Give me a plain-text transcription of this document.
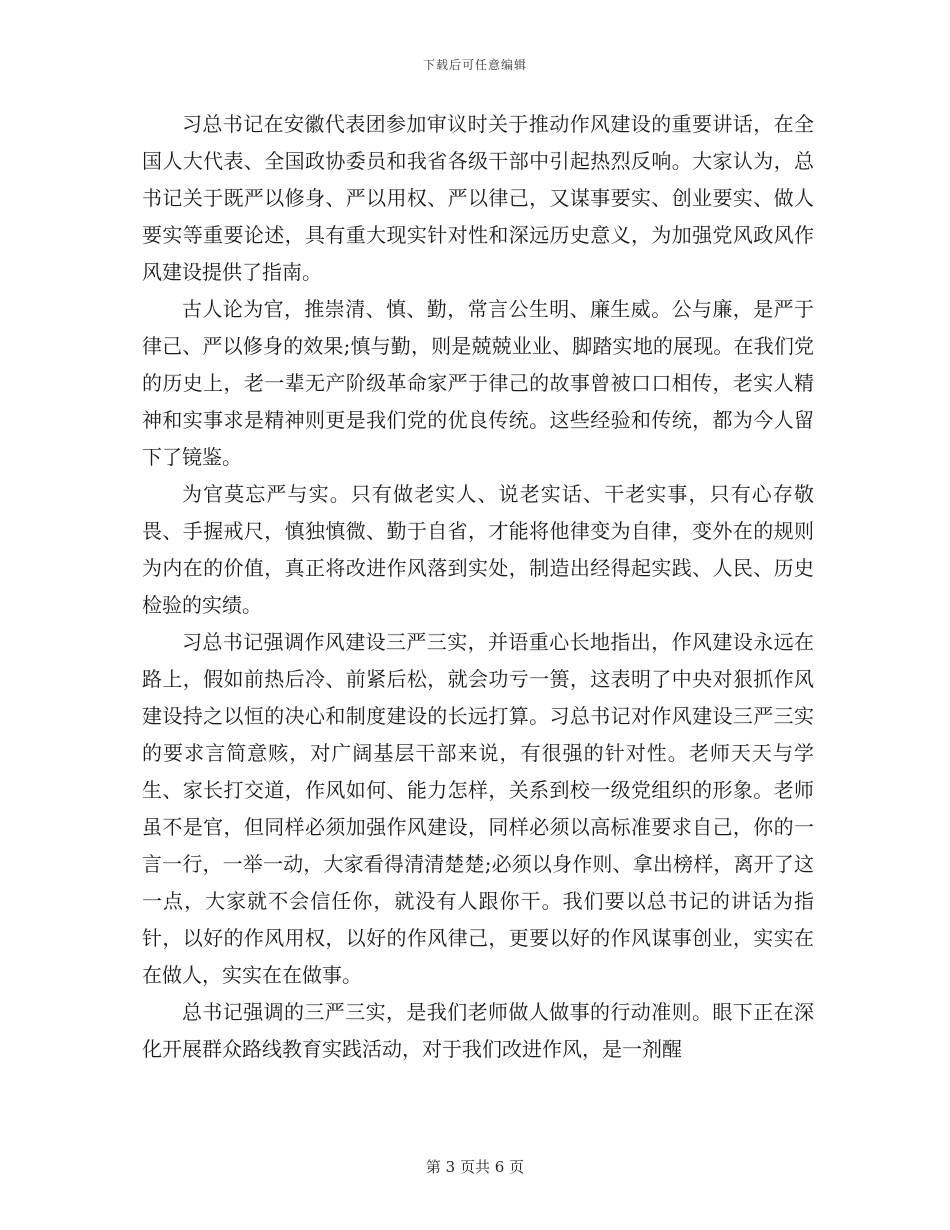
下载后可任意编辑

习总书记在安徽代表团参加审议时关于推动作风建设的重要讲话，在全国人大代表、全国政协委员和我省各级干部中引起热烈反响。大家认为，总书记关于既严以修身、严以用权、严以律己，又谋事要实、创业要实、做人要实等重要论述，具有重大现实针对性和深远历史意义，为加强党风政风作风建设提供了指南。

古人论为官，推崇清、慎、勤，常言公生明、廉生威。公与廉，是严于律己、严以修身的效果;慎与勤，则是兢兢业业、脚踏实地的展现。在我们党的历史上，老一辈无产阶级革命家严于律己的故事曾被口口相传，老实人精神和实事求是精神则更是我们党的优良传统。这些经验和传统，都为今人留下了镜鉴。

为官莫忘严与实。只有做老实人、说老实话、干老实事，只有心存敬畏、手握戒尺，慎独慎微、勤于自省，才能将他律变为自律，变外在的规则为内在的价值，真正将改进作风落到实处，制造出经得起实践、人民、历史检验的实绩。

习总书记强调作风建设三严三实，并语重心长地指出，作风建设永远在路上，假如前热后冷、前紧后松，就会功亏一篑，这表明了中央对狠抓作风建设持之以恒的决心和制度建设的长远打算。习总书记对作风建设三严三实的要求言简意赅，对广阔基层干部来说，有很强的针对性。老师天天与学生、家长打交道，作风如何、能力怎样，关系到校一级党组织的形象。老师虽不是官，但同样必须加强作风建设，同样必须以高标准要求自己，你的一言一行，一举一动，大家看得清清楚楚;必须以身作则、拿出榜样，离开了这一点，大家就不会信任你，就没有人跟你干。我们要以总书记的讲话为指针，以好的作风用权，以好的作风律己，更要以好的作风谋事创业，实实在在做人，实实在在做事。

总书记强调的三严三实，是我们老师做人做事的行动准则。眼下正在深化开展群众路线教育实践活动，对于我们改进作风，是一剂醒

第 3 页共 6 页
